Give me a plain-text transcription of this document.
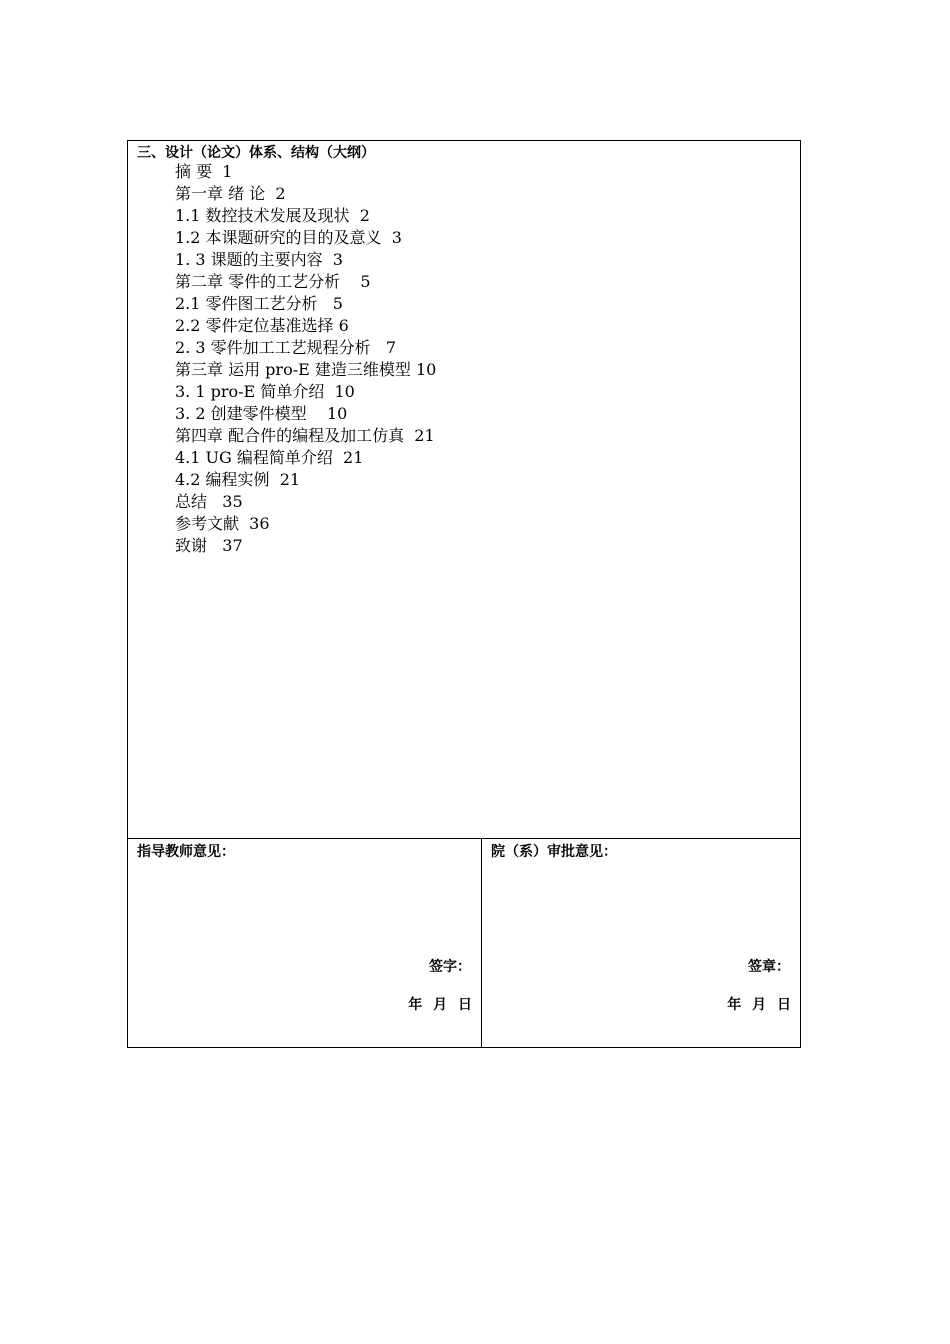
三、设计（论文）体系、结构（大纲）
摘 要  1
第一章 绪 论  2
1.1 数控技术发展及现状  2
1.2 本课题研究的目的及意义  3
1. 3 课题的主要内容  3
第二章 零件的工艺分析    5
2.1 零件图工艺分析   5
2.2 零件定位基准选择 6
2. 3 零件加工工艺规程分析   7
第三章 运用 pro-E 建造三维模型 10
3. 1 pro-E 简单介绍  10
3. 2 创建零件模型    10
第四章 配合件的编程及加工仿真  21
4.1 UG 编程简单介绍  21
4.2 编程实例  21
总结   35
参考文献  36
致谢   37
指导教师意见：
签字：
年 月 日
院（系）审批意见：
签章：
年 月 日
